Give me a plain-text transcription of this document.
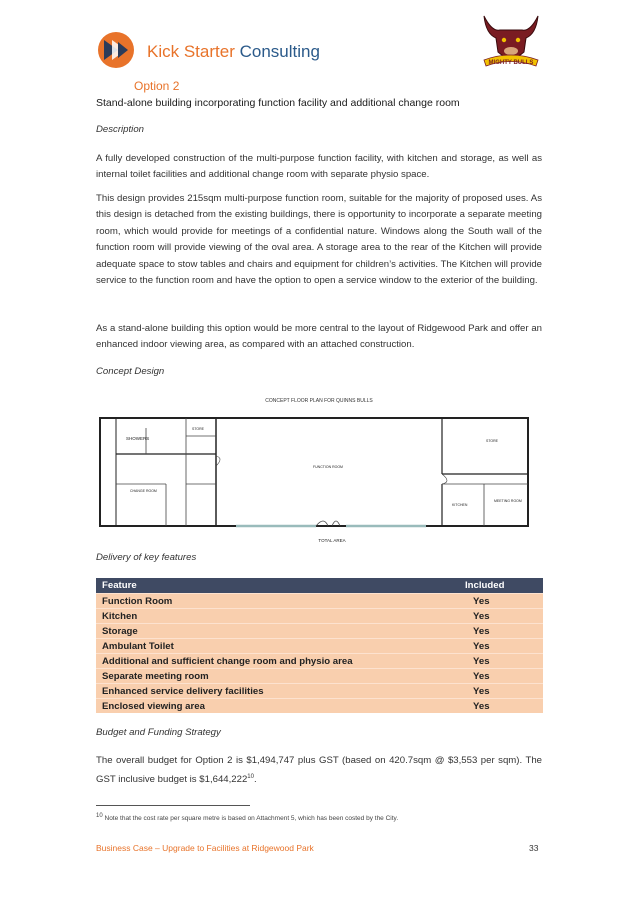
Kick Starter Consulting
MIGHTY BULLS
Option 2
Stand-alone building incorporating function facility and additional change room
Description
A fully developed construction of the multi-purpose function facility, with kitchen and storage, as well as internal toilet facilities and additional change room with separate physio space.
This design provides 215sqm multi-purpose function room, suitable for the majority of proposed uses. As this design is detached from the existing buildings, there is opportunity to incorporate a separate meeting room, which would provide for meetings of a confidential nature. Windows along the South wall of the function room will provide viewing of the oval area. A storage area to the rear of the Kitchen will provide adequate space to stow tables and chairs and equipment for children’s activities. The Kitchen will provide service to the function room and have the option to open a service window to the exterior of the building.
As a stand-alone building this option would be more central to the layout of Ridgewood Park and offer an enhanced indoor viewing area, as compared with an attached construction.
Concept Design
CONCEPT FLOOR PLAN FOR QUINNS BULLS
SHOWERS
CHANGE ROOM
STORE
FUNCTION ROOM
STORE
KITCHEN
MEETING ROOM
TOTAL AREA
Delivery of key features
Feature	Included
Function Room	Yes
Kitchen	Yes
Storage	Yes
Ambulant Toilet	Yes
Additional and sufficient change room and physio area	Yes
Separate meeting room	Yes
Enhanced service delivery facilities	Yes
Enclosed viewing area	Yes
Budget and Funding Strategy
The overall budget for Option 2 is $1,494,747 plus GST (based on 420.7sqm @ $3,553 per sqm). The GST inclusive budget is $1,644,222$^{10}$.
$^{10}$ Note that the cost rate per square metre is based on Attachment 5, which has been costed by the City.
Business Case – Upgrade to Facilities at Ridgewood Park	33
